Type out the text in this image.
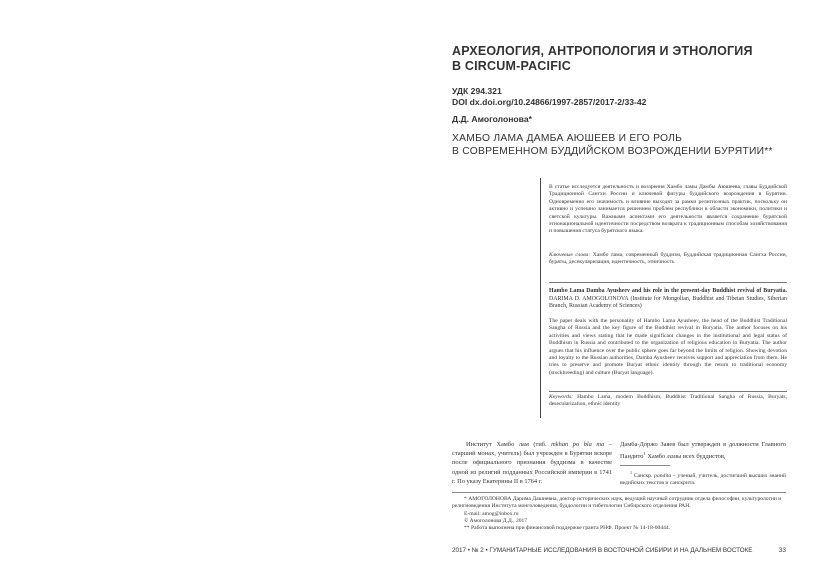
АРХЕОЛОГИЯ, АНТРОПОЛОГИЯ И ЭТНОЛОГИЯ
В CIRCUM-PACIFIC
УДК 294.321
DOI dx.doi.org/10.24866/1997-2857/2017-2/33-42
Д.Д. Амоголонова*
ХАМБО ЛАМА ДАМБА АЮШЕЕВ И ЕГО РОЛЬ
В СОВРЕМЕННОМ БУДДИЙСКОМ ВОЗРОЖДЕНИИ БУРЯТИИ**
В статье исследуется деятельность и воззрения Хамбо ламы Дамбы Аюшеева, главы Буддийской Традиционной Сангхи России и ключевой фигуры буддийского возрождения в Бурятии. Одновременно его значимость и влияние выходят за рамки религиозных практик, поскольку он активно и успешно занимается решением проблем республики в области экономики, политики и светской культуры. Важными аспектами его деятельности является сохранение бурятской этнонациональной идентичности посредством возврата к традиционным способам хозяйствования и повышения статуса бурятского языка.
Ключевые слова: Хамбо лама, современный буддизм, Буддийская традиционная Сангха России, буряты, десекуляризация, идентичность, этничность
Hambo Lama Damba Ayusheev and his role in the present-day Buddhist revival of Buryatia. DARIMA D. AMOGOLONOVA (Institute for Mongolian, Buddhist and Tibetan Studies, Siberian Branch, Russian Academy of Sciences)
The paper deals with the personality of Hambo Lama Ayusheev, the head of the Buddhist Traditional Sangha of Russia and the key figure of the Buddhist revival in Buryatia. The author focuses on his activities and views stating that he made significant changes in the institutional and legal status of Buddhism in Russia and contributed to the organization of religious education in Buryatia. The author argues that his influence over the public sphere goes far beyond the limits of religion. Showing devotion and loyalty to the Russian authorities, Damba Ayusheev receives support and appreciation from them. He tries to preserve and promote Buryat ethnic identity through the return to traditional economy (stockbreeding) and culture (Buryat language).
Keywords: Hambo Lama, modern Buddhism, Buddhist Traditional Sangha of Russia, Buryats, desecularization, ethnic identity
Институт Хамбо лам (тиб. mkhan po bla ma – старший монах, учитель) был учрежден в Бурятии вскоре после официального признания буддизма в качестве одной из религий подданных Российской империи в 1741 г. По указу Екатерины II в 1764 г.
Дамба-Доржо Заяев был утвержден в должности Главного Пандито$^1$ Хамбо ламы всех буддистов,
$^1$ Санскр. pandita – ученый, учитель, достигший высших знаний ведийских текстов и санскрита.
* АМОГОЛОНОВА Дарима Дашиевна, доктор исторических наук, ведущий научный сотрудник отдела философии, культурологии и религиоведения Института монголоведения, буддологии и тибетологии Сибирского отделения РАН.
E-mail: amog@inbox.ru
© Амоголонова Д.Д., 2017
** Работа выполнена при финансовой поддержке гранта РНФ. Проект № 14-18-00444.
2017 • № 2 • ГУМАНИТАРНЫЕ ИССЛЕДОВАНИЯ В ВОСТОЧНОЙ СИБИРИ И НА ДАЛЬНЕМ ВОСТОКЕ	33
